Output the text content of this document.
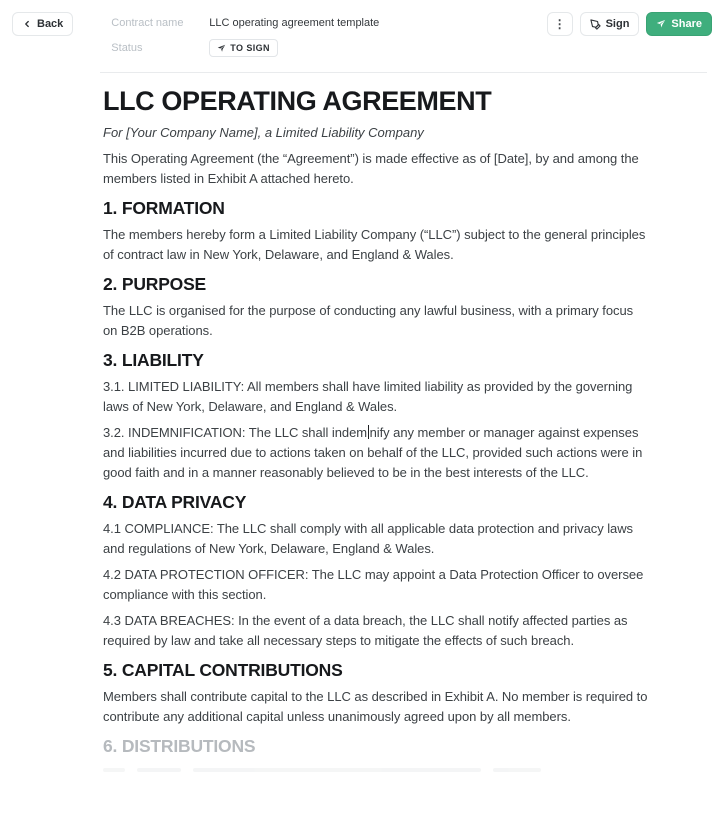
Back	Contract name	LLC operating agreement template
Status	TO SIGN
⋮	Sign	Share
LLC OPERATING AGREEMENT
For [Your Company Name], a Limited Liability Company

This Operating Agreement (the “Agreement”) is made effective as of [Date], by and among the members listed in Exhibit A attached hereto.

1. FORMATION

The members hereby form a Limited Liability Company (“LLC”) subject to the general principles of contract law in New York, Delaware, and England & Wales.

2. PURPOSE

The LLC is organised for the purpose of conducting any lawful business, with a primary focus on B2B operations.

3. LIABILITY

3.1. LIMITED LIABILITY: All members shall have limited liability as provided by the governing laws of New York, Delaware, and England & Wales.

3.2. INDEMNIFICATION: The LLC shall indem nify any member or manager against expenses and liabilities incurred due to actions taken on behalf of the LLC, provided such actions were in good faith and in a manner reasonably believed to be in the best interests of the LLC.

4. DATA PRIVACY

4.1 COMPLIANCE: The LLC shall comply with all applicable data protection and privacy laws and regulations of New York, Delaware, England & Wales.

4.2 DATA PROTECTION OFFICER: The LLC may appoint a Data Protection Officer to oversee compliance with this section.

4.3 DATA BREACHES: In the event of a data breach, the LLC shall notify affected parties as required by law and take all necessary steps to mitigate the effects of such breach.

5. CAPITAL CONTRIBUTIONS

Members shall contribute capital to the LLC as described in Exhibit A. No member is required to contribute any additional capital unless unanimously agreed upon by all members.

6. DISTRIBUTIONS
